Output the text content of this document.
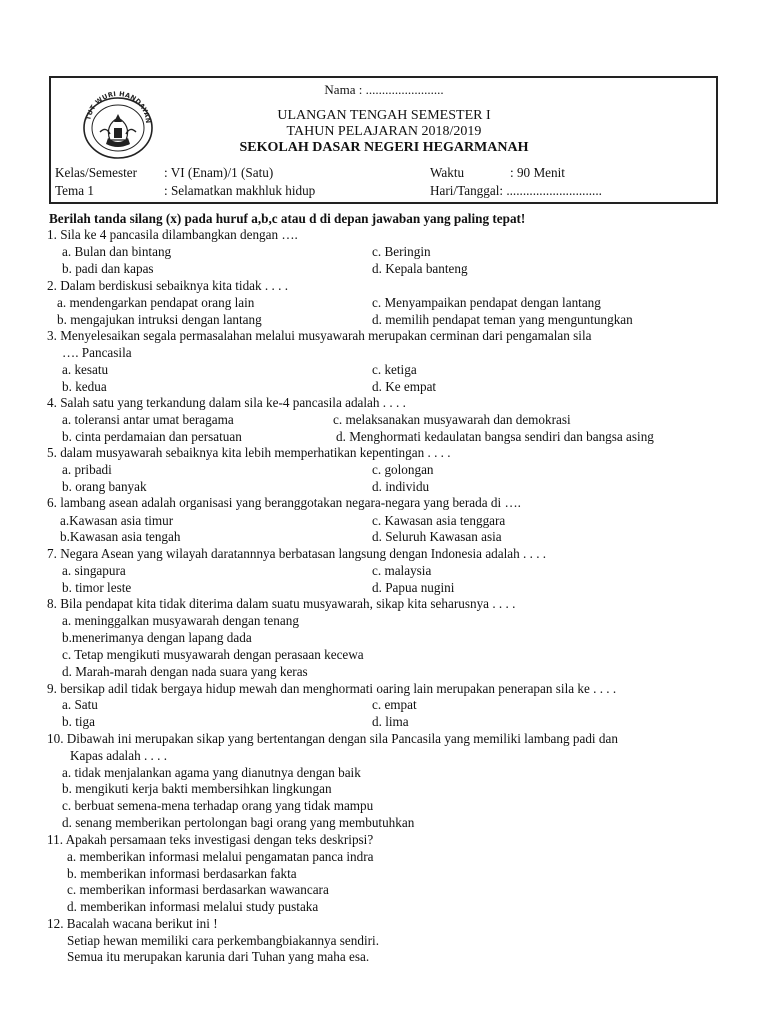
TUT WURI HANDAYAN
Nama : ........................
ULANGAN TENGAH SEMESTER I
TAHUN PELAJARAN 2018/2019
SEKOLAH DASAR NEGERI HEGARMANAH
Kelas/Semester : VI (Enam)/1 (Satu)	Waktu	: 90 Menit
Tema 1	: Selamatkan makhluk hidup	Hari/Tanggal: .............................
Berilah tanda silang (x) pada huruf a,b,c atau d di depan jawaban yang paling tepat!
1. Sila ke 4 pancasila dilambangkan dengan ….
a. Bulan dan bintang	c. Beringin
b. padi dan kapas	d. Kepala banteng
2. Dalam berdiskusi sebaiknya kita tidak . . . .
a. mendengarkan pendapat orang lain	c. Menyampaikan pendapat dengan lantang
b. mengajukan intruksi dengan lantang	d. memilih pendapat teman yang menguntungkan
3. Menyelesaikan segala permasalahan melalui musyawarah merupakan cerminan dari pengamalan sila
…. Pancasila
a. kesatu	c. ketiga
b. kedua	d. Ke empat
4. Salah satu yang terkandung dalam sila ke-4 pancasila adalah . . . .
a. toleransi antar umat beragama	c. melaksanakan musyawarah dan demokrasi
b. cinta perdamaian dan persatuan	d. Menghormati kedaulatan bangsa sendiri dan bangsa asing
5. dalam musyawarah sebaiknya kita lebih memperhatikan kepentingan . . . .
a. pribadi	c. golongan
b. orang banyak	d. individu
6. lambang asean adalah organisasi yang beranggotakan negara-negara yang berada di ….
a.Kawasan asia timur	c. Kawasan asia tenggara
b.Kawasan asia tengah	d. Seluruh Kawasan asia
7. Negara Asean yang wilayah daratannnya berbatasan langsung dengan Indonesia adalah . . . .
a. singapura	c. malaysia
b. timor leste	d. Papua nugini
8. Bila pendapat kita tidak diterima dalam suatu musyawarah, sikap kita seharusnya . . . .
a. meninggalkan musyawarah dengan tenang
b.menerimanya dengan lapang dada
c. Tetap mengikuti musyawarah dengan perasaan kecewa
d. Marah-marah dengan nada suara yang keras
9. bersikap adil tidak bergaya hidup mewah dan menghormati oaring lain merupakan penerapan sila ke . . . .
a. Satu	c. empat
b. tiga	d. lima
10. Dibawah ini merupakan sikap yang bertentangan dengan sila Pancasila yang memiliki lambang padi dan
Kapas adalah . . . .
a. tidak menjalankan agama yang dianutnya dengan baik
b. mengikuti kerja bakti membersihkan lingkungan
c. berbuat semena-mena terhadap orang yang tidak mampu
d. senang memberikan pertolongan bagi orang yang membutuhkan
11. Apakah persamaan teks investigasi dengan teks deskripsi?
a. memberikan informasi melalui pengamatan panca indra
b. memberikan informasi berdasarkan fakta
c. memberikan informasi berdasarkan wawancara
d. memberikan informasi melalui study pustaka
12. Bacalah wacana berikut ini !
Setiap hewan memiliki cara perkembangbiakannya sendiri.
Semua itu merupakan karunia dari Tuhan yang maha esa.
